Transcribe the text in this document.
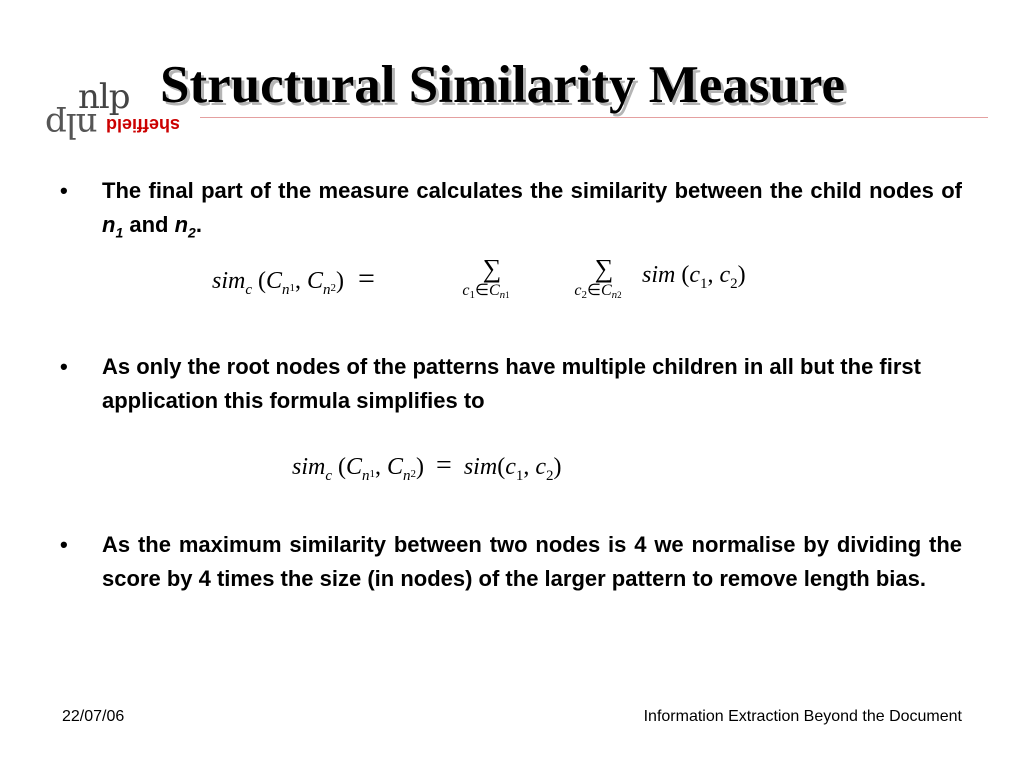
nlp
nlp sheffield
Structural Similarity Measure
•	The final part of the measure calculates the similarity between the child nodes of $n_1$ and $n_2$.
sim$_c$ ($C_n1$, $C_n2$) =	∑
c1∈Cn1

∑
c2∈Cn2
sim ($c_1$, $c_2$)
•	As only the root nodes of the patterns have multiple children in all but the first application this formula simplifies to
sim$_c$ ($C_n1$, $C_n2) = sim(c_1$, $c_2$)
•	As the maximum similarity between two nodes is 4 we normalise by dividing the score by 4 times the size (in nodes) of the larger pattern to remove length bias.
22/07/06	Information Extraction Beyond the Document
